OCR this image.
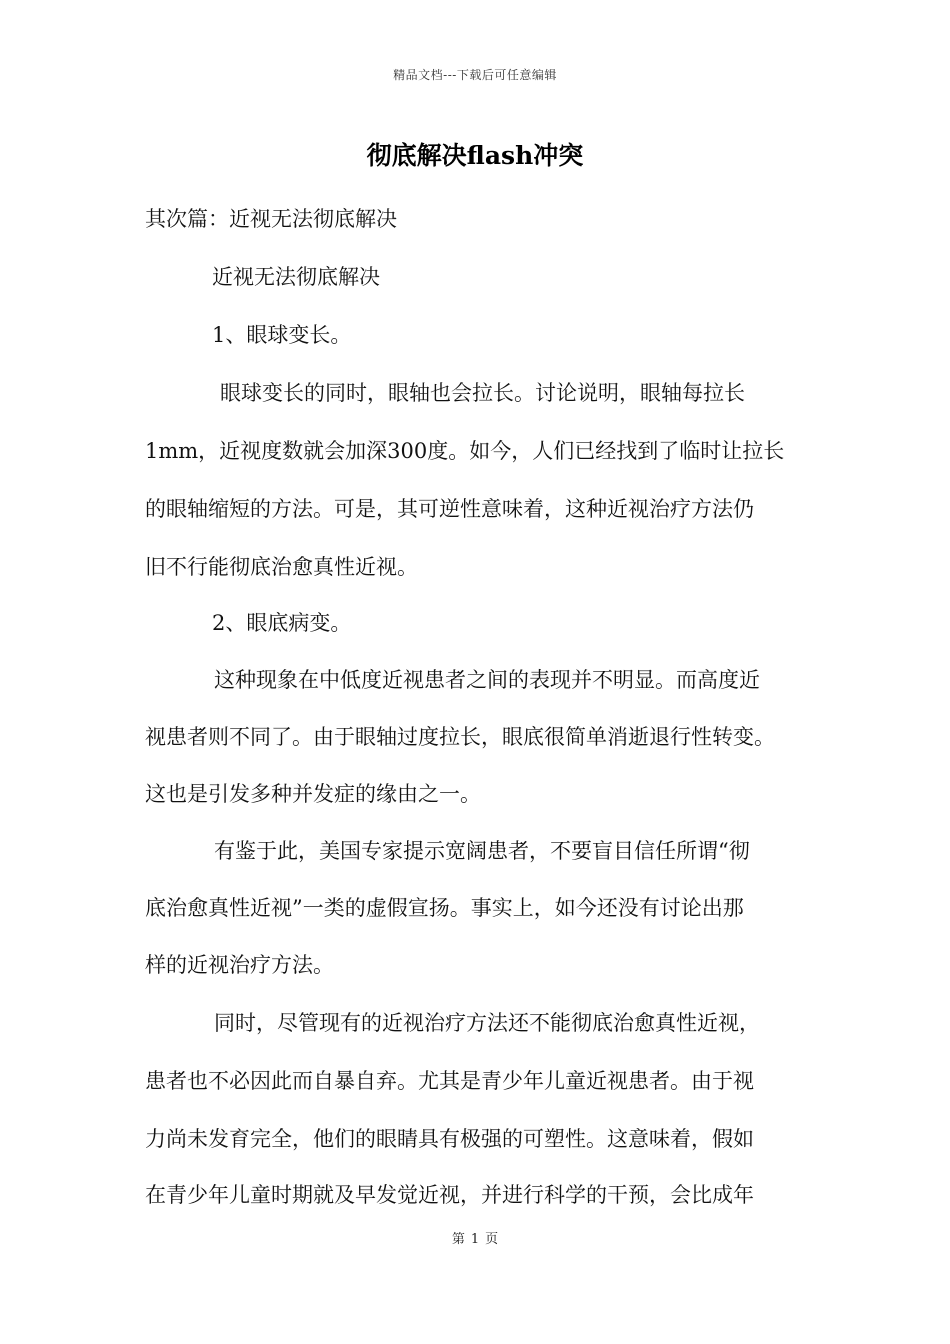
精品文档---下载后可任意编辑
彻底解决flash冲突
其次篇：近视无法彻底解决
近视无法彻底解决
1、眼球变长。
眼球变长的同时，眼轴也会拉长。讨论说明，眼轴每拉长
1mm，近视度数就会加深300度。如今，人们已经找到了临时让拉长
的眼轴缩短的方法。可是，其可逆性意味着，这种近视治疗方法仍
旧不行能彻底治愈真性近视。
2、眼底病变。
这种现象在中低度近视患者之间的表现并不明显。而高度近
视患者则不同了。由于眼轴过度拉长，眼底很简单消逝退行性转变。
这也是引发多种并发症的缘由之一。
有鉴于此，美国专家提示宽阔患者，不要盲目信任所谓“彻
底治愈真性近视”一类的虚假宣扬。事实上，如今还没有讨论出那
样的近视治疗方法。
同时，尽管现有的近视治疗方法还不能彻底治愈真性近视，
患者也不必因此而自暴自弃。尤其是青少年儿童近视患者。由于视
力尚未发育完全，他们的眼睛具有极强的可塑性。这意味着，假如
在青少年儿童时期就及早发觉近视，并进行科学的干预，会比成年
第 1 页
